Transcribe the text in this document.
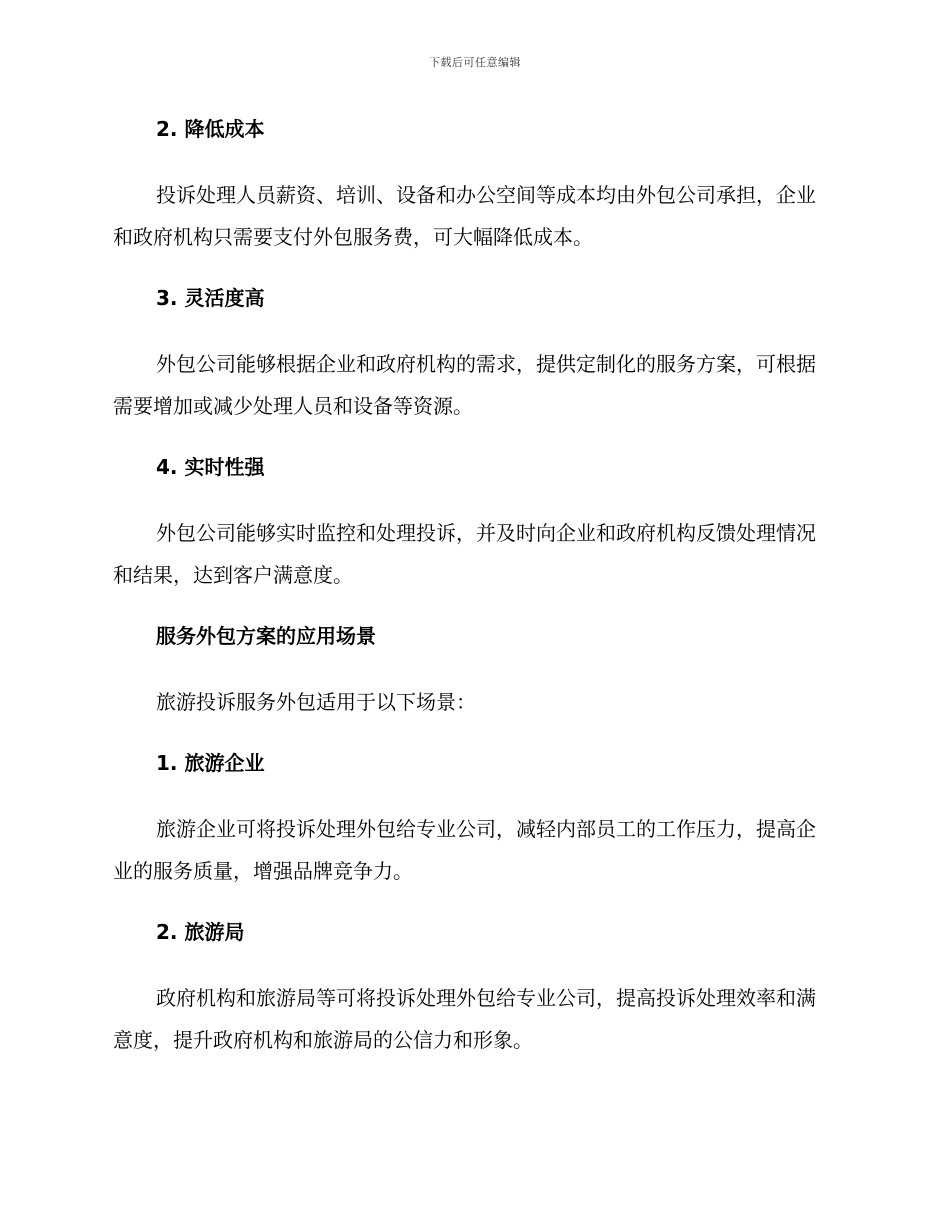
下载后可任意编辑
2. 降低成本
投诉处理人员薪资、培训、设备和办公空间等成本均由外包公司承担，企业和政府机构只需要支付外包服务费，可大幅降低成本。
3. 灵活度高
外包公司能够根据企业和政府机构的需求，提供定制化的服务方案，可根据需要增加或减少处理人员和设备等资源。
4. 实时性强
外包公司能够实时监控和处理投诉，并及时向企业和政府机构反馈处理情况和结果，达到客户满意度。
服务外包方案的应用场景
旅游投诉服务外包适用于以下场景：
1. 旅游企业
旅游企业可将投诉处理外包给专业公司，减轻内部员工的工作压力，提高企业的服务质量，增强品牌竞争力。
2. 旅游局
政府机构和旅游局等可将投诉处理外包给专业公司，提高投诉处理效率和满意度，提升政府机构和旅游局的公信力和形象。
